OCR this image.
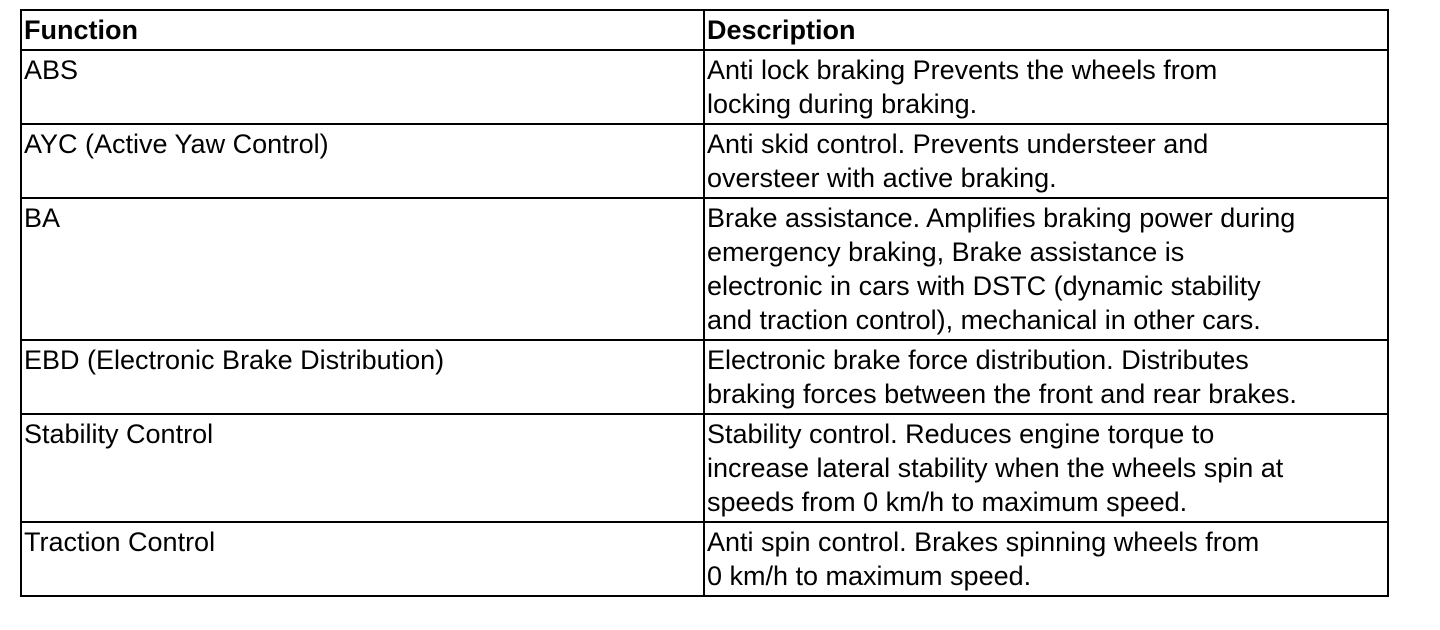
Function	Description
ABS	Anti lock braking Prevents the wheels from
locking during braking.

AYC (Active Yaw Control)	Anti skid control. Prevents understeer and
oversteer with active braking.

BA	Brake assistance. Amplifies braking power during
emergency braking, Brake assistance is
electronic in cars with DSTC (dynamic stability
and traction control), mechanical in other cars.

EBD (Electronic Brake Distribution)	Electronic brake force distribution. Distributes
braking forces between the front and rear brakes.

Stability Control	Stability control. Reduces engine torque to
increase lateral stability when the wheels spin at
speeds from 0 km/h to maximum speed.

Traction Control	Anti spin control. Brakes spinning wheels from
0 km/h to maximum speed.
